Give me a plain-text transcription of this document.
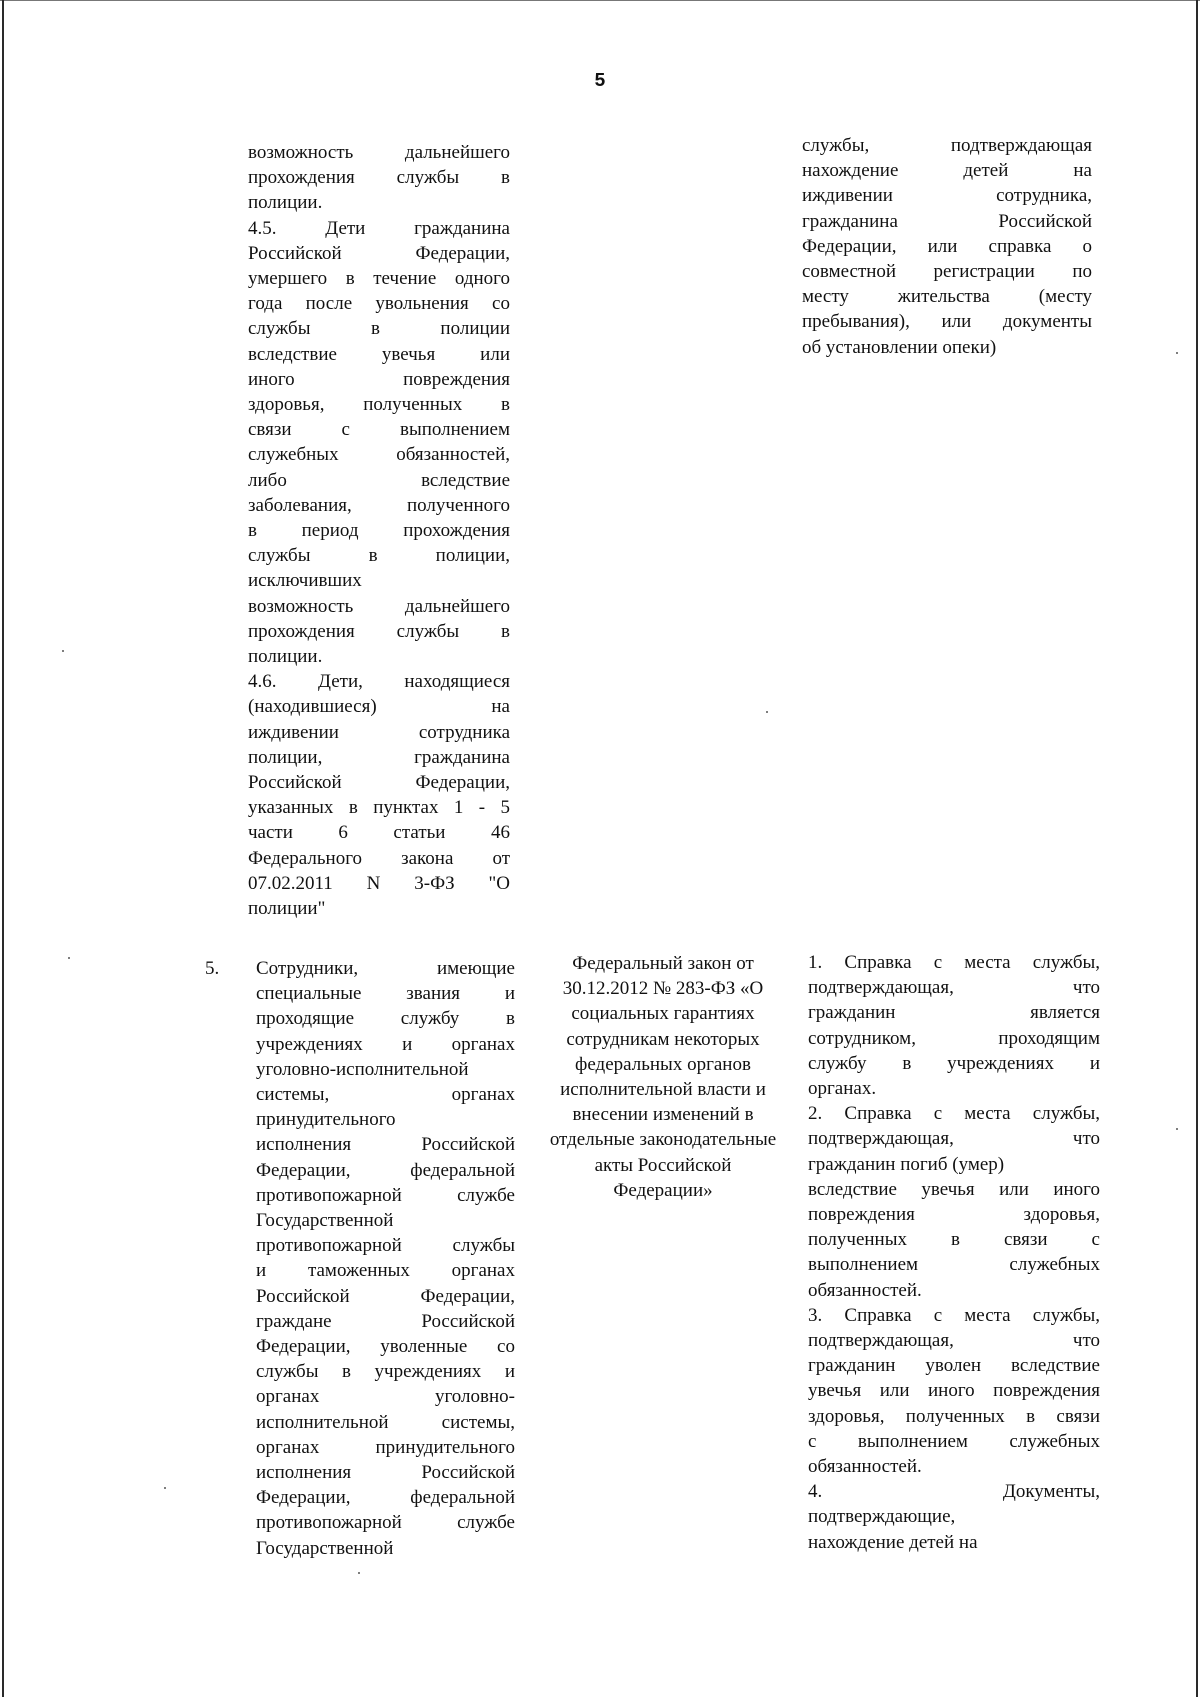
5
возможность дальнейшего
прохождения службы в
полиции.
4.5. Дети гражданина
Российской Федерации,
умершего в течение одного
года после увольнения со
службы в полиции
вследствие увечья или
иного повреждения
здоровья, полученных в
связи с выполнением
служебных обязанностей,
либо вследствие
заболевания, полученного
в период прохождения
службы в полиции,
исключивших
возможность дальнейшего
прохождения службы в
полиции.
4.6. Дети, находящиеся
(находившиеся) на
иждивении сотрудника
полиции, гражданина
Российской Федерации,
указанных в пунктах 1 - 5
части 6 статьи 46
Федерального закона от
07.02.2011 N 3-ФЗ "О
полиции"
службы, подтверждающая
нахождение детей на
иждивении сотрудника,
гражданина Российской
Федерации, или справка о
совместной регистрации по
месту жительства (месту
пребывания), или документы
об установлении опеки)
5.	Сотрудники, имеющие
специальные звания и
проходящие службу в
учреждениях и органах
уголовно-исполнительной
системы, органах
принудительного
исполнения Российской
Федерации, федеральной
противопожарной службе
Государственной
противопожарной службы
и таможенных органах
Российской Федерации,
граждане Российской
Федерации, уволенные со
службы в учреждениях и
органах уголовно-
исполнительной системы,
органах принудительного
исполнения Российской
Федерации, федеральной
противопожарной службе
Государственной
Федеральный закон от
30.12.2012 № 283-ФЗ «О
социальных гарантиях
сотрудникам некоторых
федеральных органов
исполнительной власти и
внесении изменений в
отдельные законодательные
акты Российской
Федерации»
1. Справка с места службы,
подтверждающая, что
гражданин является
сотрудником, проходящим
службу в учреждениях и
органах.
2. Справка с места службы,
подтверждающая, что
гражданин погиб (умер)
вследствие увечья или иного
повреждения здоровья,
полученных в связи с
выполнением служебных
обязанностей.
3. Справка с места службы,
подтверждающая, что
гражданин уволен вследствие
увечья или иного повреждения
здоровья, полученных в связи
с выполнением служебных
обязанностей.
4. Документы,
подтверждающие,
нахождение детей на
